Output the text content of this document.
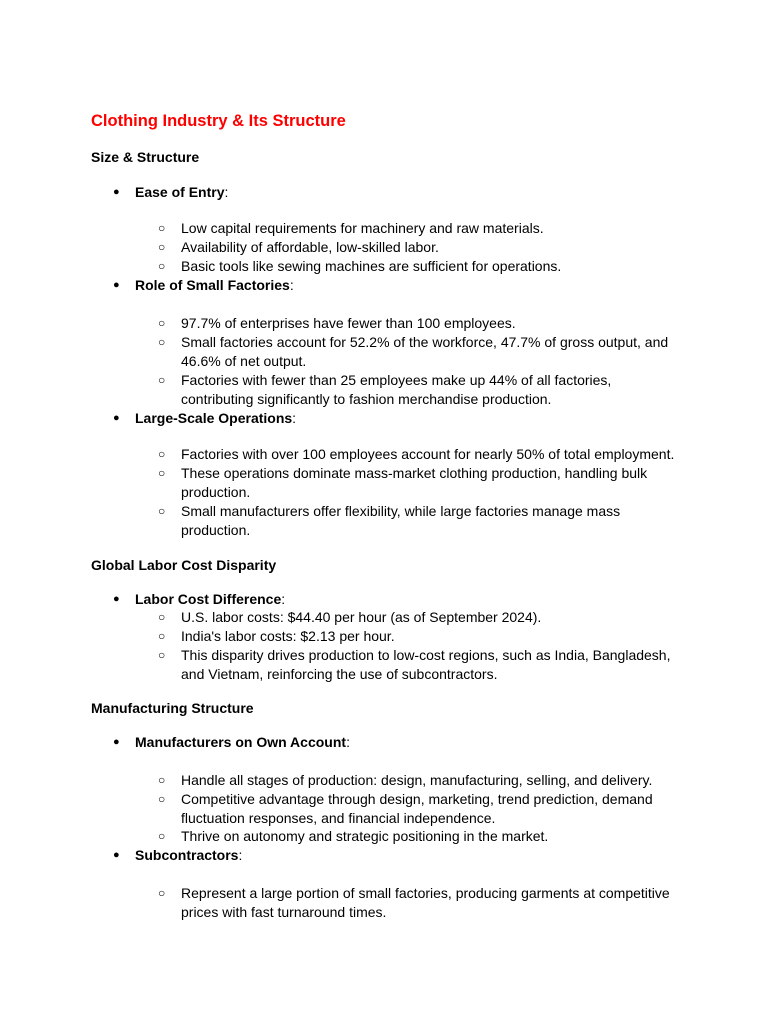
Clothing Industry & Its Structure
Size & Structure
●	Ease of Entry:
○	Low capital requirements for machinery and raw materials.
○	Availability of affordable, low-skilled labor.
○	Basic tools like sewing machines are sufficient for operations.
●	Role of Small Factories:
○	97.7% of enterprises have fewer than 100 employees.
○	Small factories account for 52.2% of the workforce, 47.7% of gross output, and 46.6% of net output.
○	Factories with fewer than 25 employees make up 44% of all factories, contributing significantly to fashion merchandise production.
●	Large-Scale Operations:
○	Factories with over 100 employees account for nearly 50% of total employment.
○	These operations dominate mass-market clothing production, handling bulk production.
○	Small manufacturers offer flexibility, while large factories manage mass production.
Global Labor Cost Disparity
●	Labor Cost Difference:
○	U.S. labor costs: $44.40 per hour (as of September 2024).
○	India's labor costs: $2.13 per hour.
○	This disparity drives production to low-cost regions, such as India, Bangladesh, and Vietnam, reinforcing the use of subcontractors.
Manufacturing Structure
●	Manufacturers on Own Account:
○	Handle all stages of production: design, manufacturing, selling, and delivery.
○	Competitive advantage through design, marketing, trend prediction, demand fluctuation responses, and financial independence.
○	Thrive on autonomy and strategic positioning in the market.
●	Subcontractors:
○	Represent a large portion of small factories, producing garments at competitive prices with fast turnaround times.
